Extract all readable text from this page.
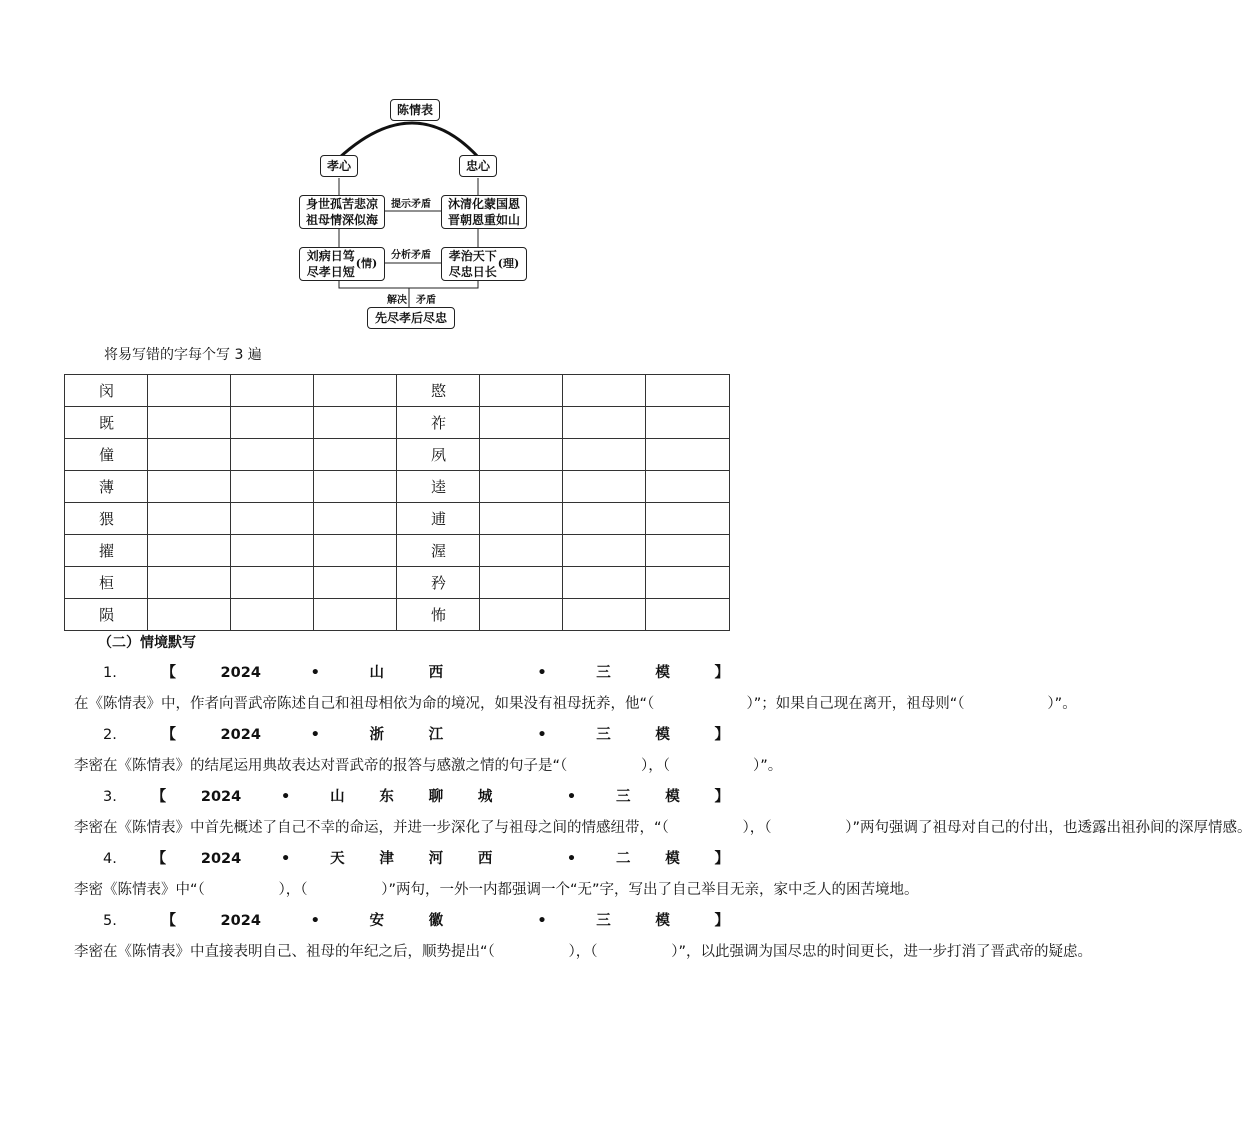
陈情表
孝心	忠心
身世孤苦悲凉
祖母情深似海
沐清化蒙国恩
晋朝恩重如山
提示矛盾
刘病日笃
尽孝日短
(情)
孝治天下
尽忠日长
(理)
分析矛盾
解决 矛盾
先尽孝后尽忠
将易写错的字每个写 3 遍
闵				愍			
既				祚			
僮				夙			
薄				逵			
猥				逋			
擢				渥			
桓				矜			
陨				怖			
（二）情境默写

1.【2024 • 山西 • 三模】在《陈情表》中，作者向晋武帝陈述自己和祖母相依为命的境况，如果没有祖母抚养，他“（                    ）”；如果自己现在离开，祖母则“（                  ）”。

2.【2024 • 浙江 • 三模】李密在《陈情表》的结尾运用典故表达对晋武帝的报答与感激之情的句子是“（                ），（                  ）”。

3.【2024 • 山东聊城 • 三模】李密在《陈情表》中首先概述了自己不幸的命运，并进一步深化了与祖母之间的情感纽带，“（                ），（                ）”两句强调了祖母对自己的付出，也透露出祖孙间的深厚情感。

4.【2024 • 天津河西 • 二模】李密《陈情表》中“（                ），（                ）”两句，一外一内都强调一个“无”字，写出了自己举目无亲，家中乏人的困苦境地。

5.【2024 • 安徽 • 三模】李密在《陈情表》中直接表明自己、祖母的年纪之后，顺势提出“（                ），（                ）”，以此强调为国尽忠的时间更长，进一步打消了晋武帝的疑虑。
